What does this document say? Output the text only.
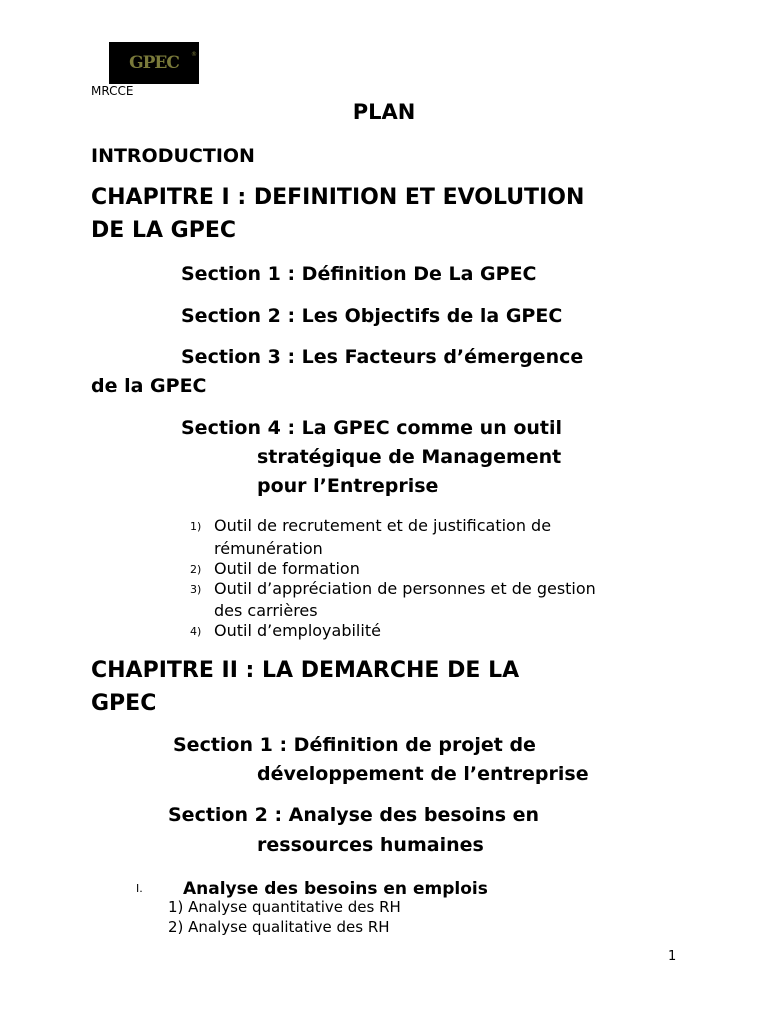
GPEC ®
MRCCE
PLAN
INTRODUCTION
CHAPITRE I : DEFINITION ET EVOLUTION
DE LA GPEC
Section 1 : Définition De La GPEC
Section 2 : Les Objectifs de la GPEC
Section 3 : Les Facteurs d’émergence
de la GPEC
Section 4 : La GPEC comme un outil
stratégique de Management
pour l’Entreprise
1) Outil de recrutement et de justification de
rémunération
2) Outil de formation
3) Outil d’appréciation de personnes et de gestion
des carrières
4) Outil d’employabilité
CHAPITRE II : LA DEMARCHE DE LA
GPEC
Section 1 : Définition de projet de
développement de l’entreprise
Section 2 : Analyse des besoins en
ressources humaines
I. Analyse des besoins en emplois
1) Analyse quantitative des RH
2) Analyse qualitative des RH
1
